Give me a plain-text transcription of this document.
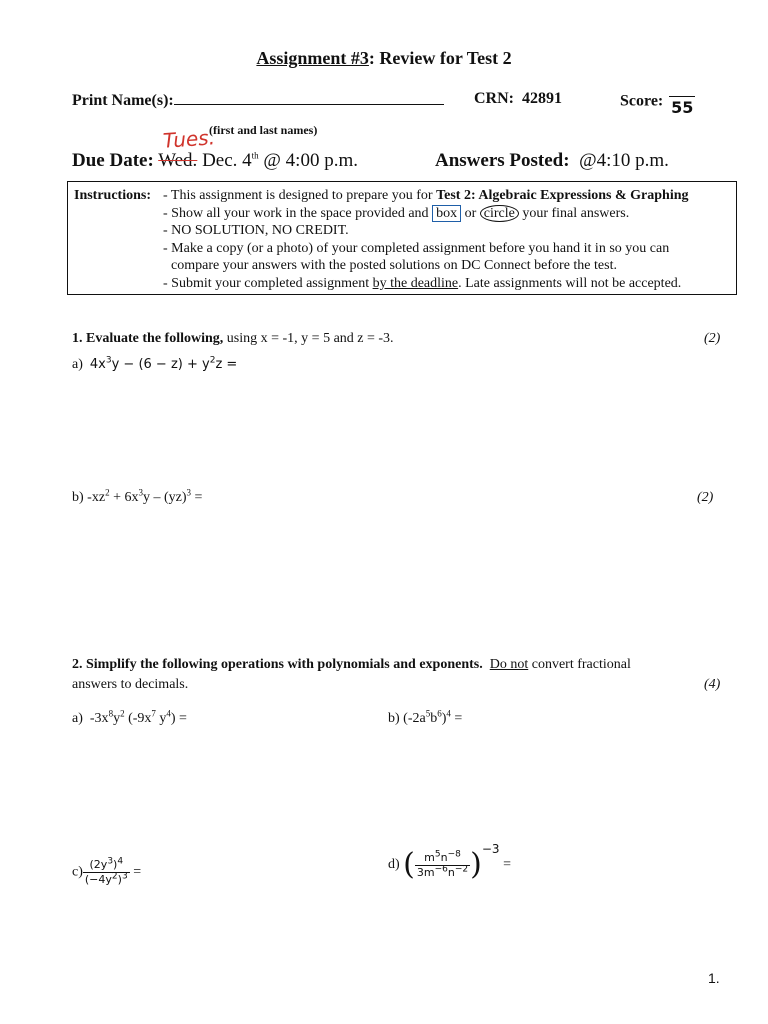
Assignment #3: Review for Test 2
Print Name(s):	CRN: 42891	Score: 55
(first and last names)
Tues.
Due Date: Wed. Dec. 4th @ 4:00 p.m.	Answers Posted: @4:10 p.m.
Instructions: - This assignment is designed to prepare you for Test 2: Algebraic Expressions & Graphing
- Show all your work in the space provided and box or circle your final answers.
- NO SOLUTION, NO CREDIT.
- Make a copy (or a photo) of your completed assignment before you hand it in so you can
compare your answers with the posted solutions on DC Connect before the test.
- Submit your completed assignment by the deadline. Late assignments will not be accepted.
1. Evaluate the following, using x = -1, y = 5 and z = -3.	(2)
a) $4x^3y - (6 - z) + y^2z$ =
b) $-xz^2 + 6x^3y - (yz)^3$ =	(2)
2. Simplify the following operations with polynomials and exponents. Do not convert fractional
answers to decimals.	(4)
a) $-3x^8y^2$ ($-9x^7$ $y^4$) =	b) $(-2a^5b^6)^4$ =
$c) \frac{(2y^3)^4}{(-4y^2)^3}$ =	d) ( $\frac{m^5n^{-8}}{3m^{-6}n^{-2}} )^{-3}$ =
1.
